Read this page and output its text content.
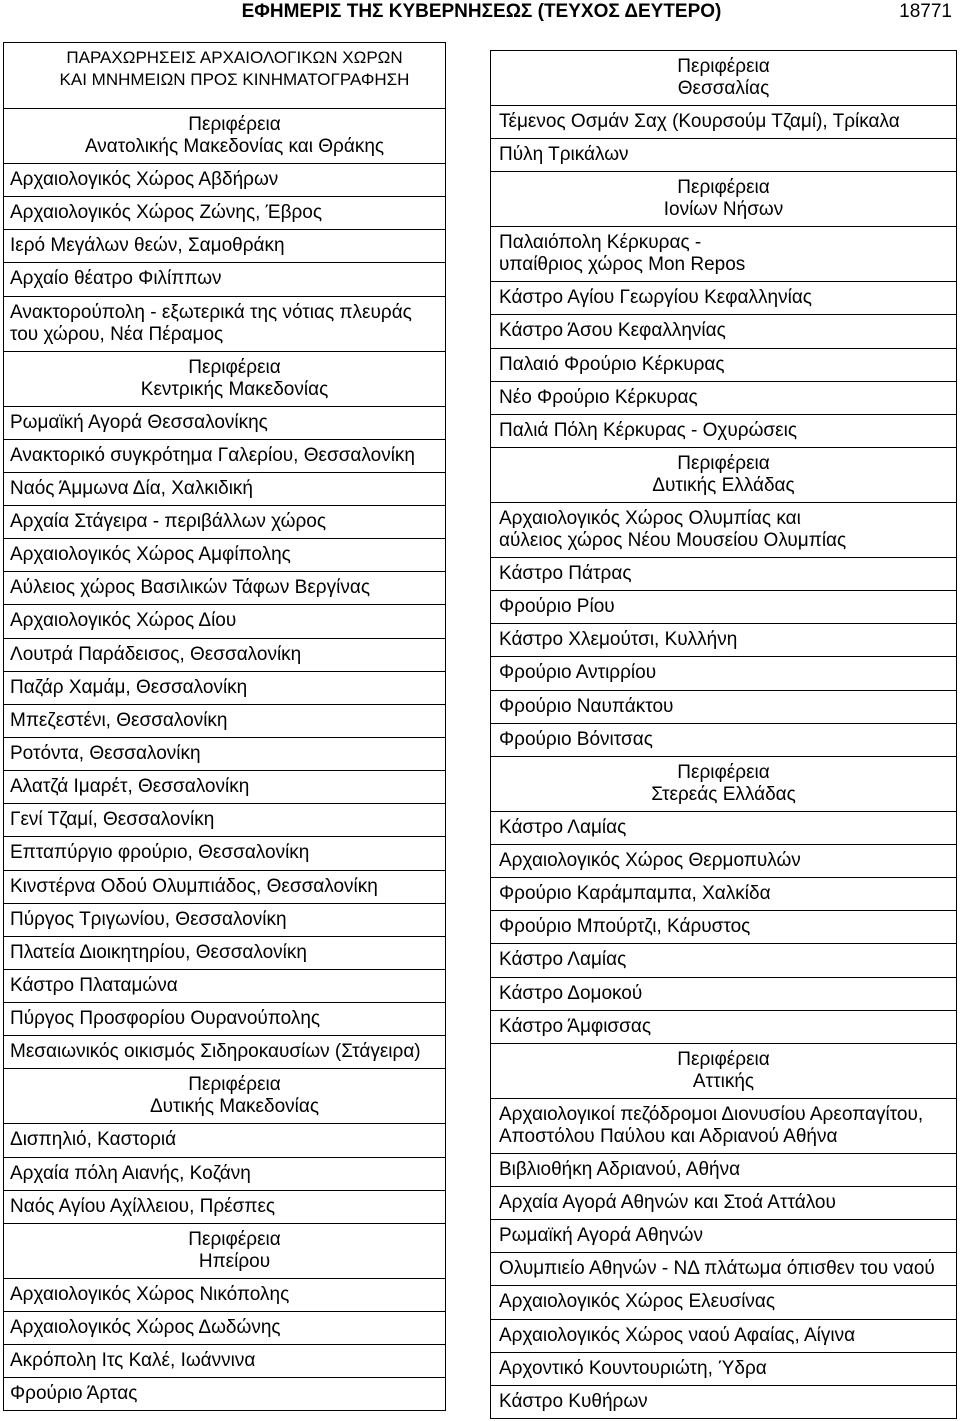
ΕΦΗΜΕΡΙΣ ΤΗΣ ΚΥΒΕΡΝΗΣΕΩΣ (ΤΕΥΧΟΣ ΔΕΥΤΕΡΟ)	18771
ΠΑΡΑΧΩΡΗΣΕΙΣ ΑΡΧΑΙΟΛΟΓΙΚΩΝ ΧΩΡΩΝ
ΚΑΙ ΜΝΗΜΕΙΩΝ ΠΡΟΣ ΚΙΝΗΜΑΤΟΓΡΑΦΗΣΗ
Περιφέρεια
Ανατολικής Μακεδονίας και Θράκης
Αρχαιολογικός Χώρος Αβδήρων
Αρχαιολογικός Χώρος Ζώνης, Έβρος
Ιερό Μεγάλων θεών, Σαμοθράκη
Αρχαίο θέατρο Φιλίππων
Ανακτορούπολη - εξωτερικά της νότιας πλευράς
του χώρου, Νέα Πέραμος
Περιφέρεια
Κεντρικής Μακεδονίας
Ρωμαϊκή Αγορά Θεσσαλονίκης
Ανακτορικό συγκρότημα Γαλερίου, Θεσσαλονίκη
Ναός Άμμωνα Δία, Χαλκιδική
Αρχαία Στάγειρα - περιβάλλων χώρος
Αρχαιολογικός Χώρος Αμφίπολης
Αύλειος χώρος Βασιλικών Τάφων Βεργίνας
Αρχαιολογικός Χώρος Δίου
Λουτρά Παράδεισος, Θεσσαλονίκη
Παζάρ Χαμάμ, Θεσσαλονίκη
Μπεζεστένι, Θεσσαλονίκη
Ροτόντα, Θεσσαλονίκη
Αλατζά Ιμαρέτ, Θεσσαλονίκη
Γενί Τζαμί, Θεσσαλονίκη
Επταπύργιο φρούριο, Θεσσαλονίκη
Κινστέρνα Οδού Ολυμπιάδος, Θεσσαλονίκη
Πύργος Τριγωνίου, Θεσσαλονίκη
Πλατεία Διοικητηρίου, Θεσσαλονίκη
Κάστρο Πλαταμώνα
Πύργος Προσφορίου Ουρανούπολης
Μεσαιωνικός οικισμός Σιδηροκαυσίων (Στάγειρα)
Περιφέρεια
Δυτικής Μακεδονίας
Δισπηλιό, Καστοριά
Αρχαία πόλη Αιανής, Κοζάνη
Ναός Αγίου Αχίλλειου, Πρέσπες
Περιφέρεια
Ηπείρου
Αρχαιολογικός Χώρος Νικόπολης
Αρχαιολογικός Χώρος Δωδώνης
Ακρόπολη Ιτς Καλέ, Ιωάννινα
Φρούριο Άρτας
Περιφέρεια
Θεσσαλίας
Τέμενος Οσμάν Σαχ (Κουρσούμ Τζαμί), Τρίκαλα
Πύλη Τρικάλων
Περιφέρεια
Ιονίων Νήσων
Παλαιόπολη Κέρκυρας -
υπαίθριος χώρος Mon Repos
Κάστρο Αγίου Γεωργίου Κεφαλληνίας
Κάστρο Άσου Κεφαλληνίας
Παλαιό Φρούριο Κέρκυρας
Νέο Φρούριο Κέρκυρας
Παλιά Πόλη Κέρκυρας - Οχυρώσεις
Περιφέρεια
Δυτικής Ελλάδας
Αρχαιολογικός Χώρος Ολυμπίας και
αύλειος χώρος Νέου Μουσείου Ολυμπίας
Κάστρο Πάτρας
Φρούριο Ρίου
Κάστρο Χλεμούτσι, Κυλλήνη
Φρούριο Αντιρρίου
Φρούριο Ναυπάκτου
Φρούριο Βόνιτσας
Περιφέρεια
Στερεάς Ελλάδας
Κάστρο Λαμίας
Αρχαιολογικός Χώρος Θερμοπυλών
Φρούριο Καράμπαμπα, Χαλκίδα
Φρούριο Μπούρτζι, Κάρυστος
Κάστρο Λαμίας
Κάστρο Δομοκού
Κάστρο Άμφισσας
Περιφέρεια
Αττικής
Αρχαιολογικοί πεζόδρομοι Διονυσίου Αρεοπαγίτου,
Αποστόλου Παύλου και Αδριανού Αθήνα
Βιβλιοθήκη Αδριανού, Αθήνα
Αρχαία Αγορά Αθηνών και Στοά Αττάλου
Ρωμαϊκή Αγορά Αθηνών
Ολυμπιείο Αθηνών - ΝΔ πλάτωμα όπισθεν του ναού
Αρχαιολογικός Χώρος Ελευσίνας
Αρχαιολογικός Χώρος ναού Αφαίας, Αίγινα
Αρχοντικό Κουντουριώτη, Ύδρα
Κάστρο Κυθήρων
